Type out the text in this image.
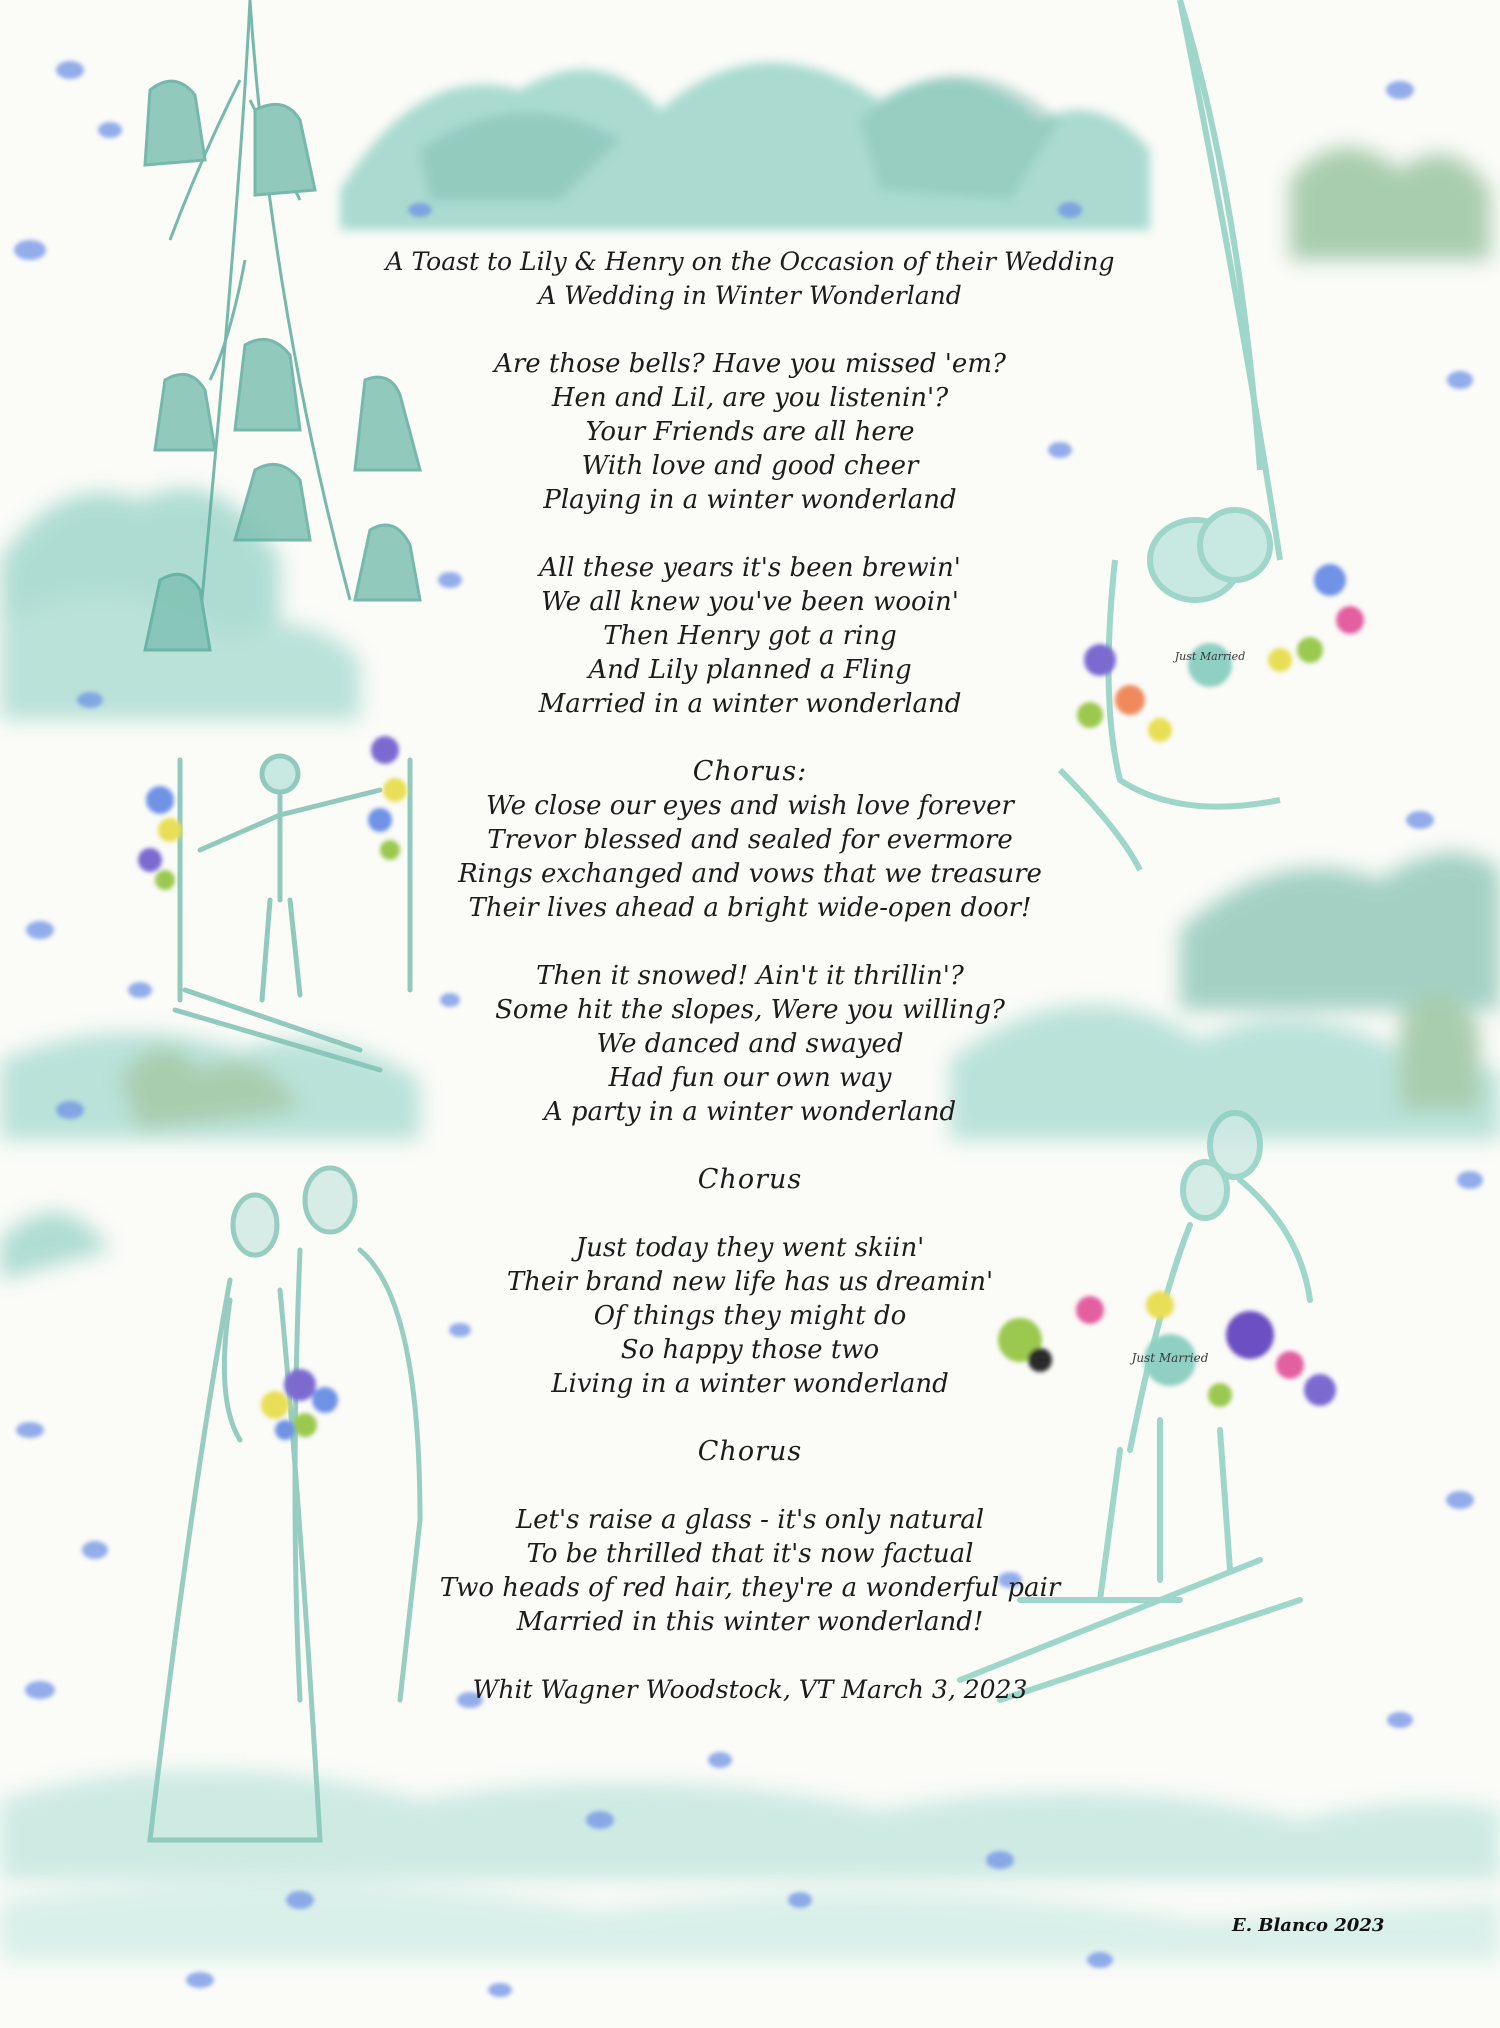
Just Married
Just Married
A Toast to Lily & Henry on the Occasion of their Wedding
A Wedding in Winter Wonderland
Are those bells? Have you missed 'em?
Hen and Lil, are you listenin'?
Your Friends are all here
With love and good cheer
Playing in a winter wonderland
All these years it's been brewin'
We all knew you've been wooin'
Then Henry got a ring
And Lily planned a Fling
Married in a winter wonderland
Chorus:
We close our eyes and wish love forever
Trevor blessed and sealed for evermore
Rings exchanged and vows that we treasure
Their lives ahead a bright wide-open door!
Then it snowed! Ain't it thrillin'?
Some hit the slopes, Were you willing?
We danced and swayed
Had fun our own way
A party in a winter wonderland
Chorus
Just today they went skiin'
Their brand new life has us dreamin'
Of things they might do
So happy those two
Living in a winter wonderland
Chorus
Let's raise a glass - it's only natural
To be thrilled that it's now factual
Two heads of red hair, they're a wonderful pair
Married in this winter wonderland!
Whit Wagner Woodstock, VT March 3, 2023
E. Blanco 2023
